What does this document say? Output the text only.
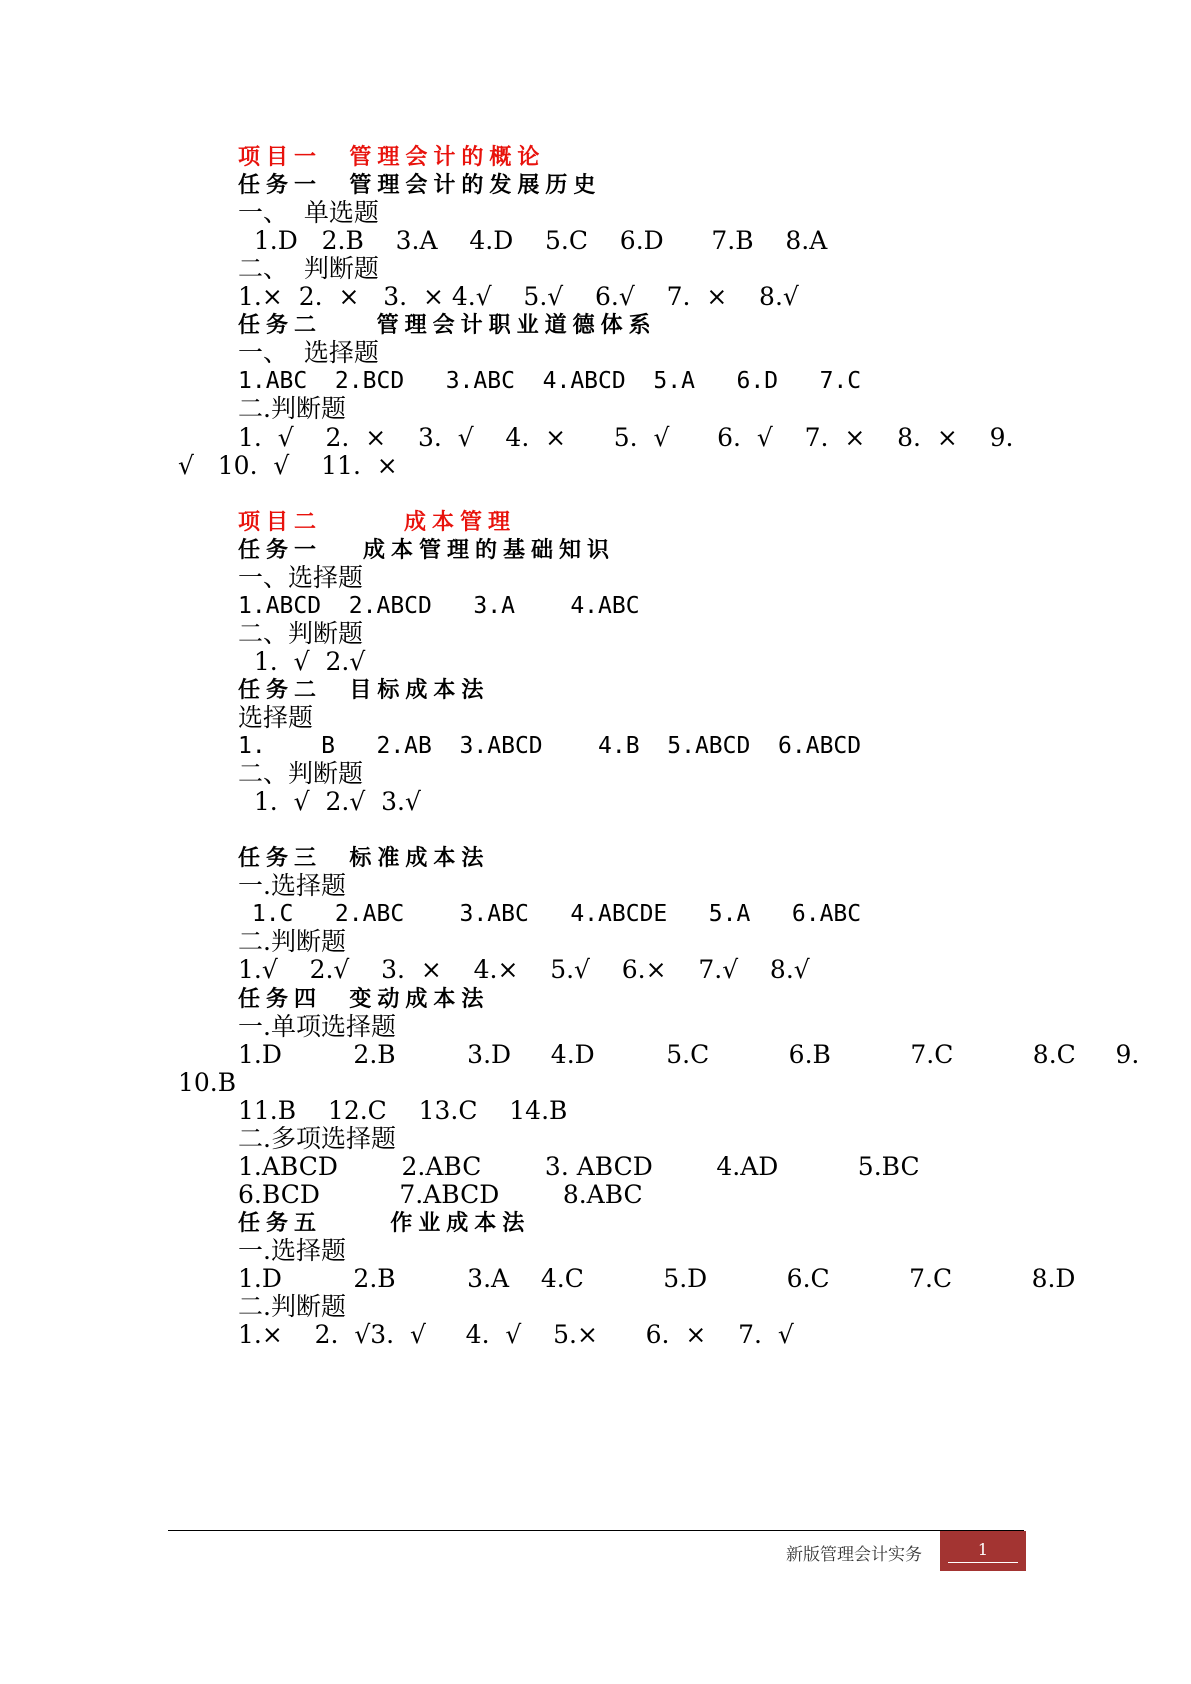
项目一  管理会计的概论
任务一  管理会计的发展历史
一、  单选题
1.D   2.B    3.A    4.D    5.C    6.D      7.B    8.A
二、  判断题
1.×  2.  ×   3.  × 4.√    5.√    6.√    7.  ×    8.√
任务二    管理会计职业道德体系
一、  选择题
1.ABC  2.BCD   3.ABC  4.ABCD  5.A   6.D   7.C
二.判断题
1.  √    2.  ×    3.  √    4.  ×      5.  √      6.  √    7.  ×    8.  ×    9.
√   10.  √    11.  ×
项目二      成本管理
任务一   成本管理的基础知识
一、选择题
1.ABCD  2.ABCD   3.A    4.ABC
二、判断题
1.  √  2.√
任务二  目标成本法
选择题
1.    B   2.AB  3.ABCD    4.B  5.ABCD  6.ABCD
二、判断题
1.  √  2.√  3.√
任务三  标准成本法
一.选择题
1.C   2.ABC    3.ABC   4.ABCDE   5.A   6.ABC
二.判断题
1.√    2.√    3.  ×    4.×    5.√    6.×    7.√    8.√
任务四  变动成本法
一.单项选择题
1.D         2.B         3.D     4.D         5.C          6.B          7.C          8.C     9.
10.B
11.B    12.C    13.C    14.B
二.多项选择题
1.ABCD        2.ABC        3. ABCD        4.AD          5.BC
6.BCD          7.ABCD        8.ABC
任务五     作业成本法
一.选择题
1.D         2.B         3.A    4.C          5.D          6.C          7.C          8.D
二.判断题
1.×    2.  √3.  √     4.  √    5.×      6.  ×    7.  √
新版管理会计实务	1
